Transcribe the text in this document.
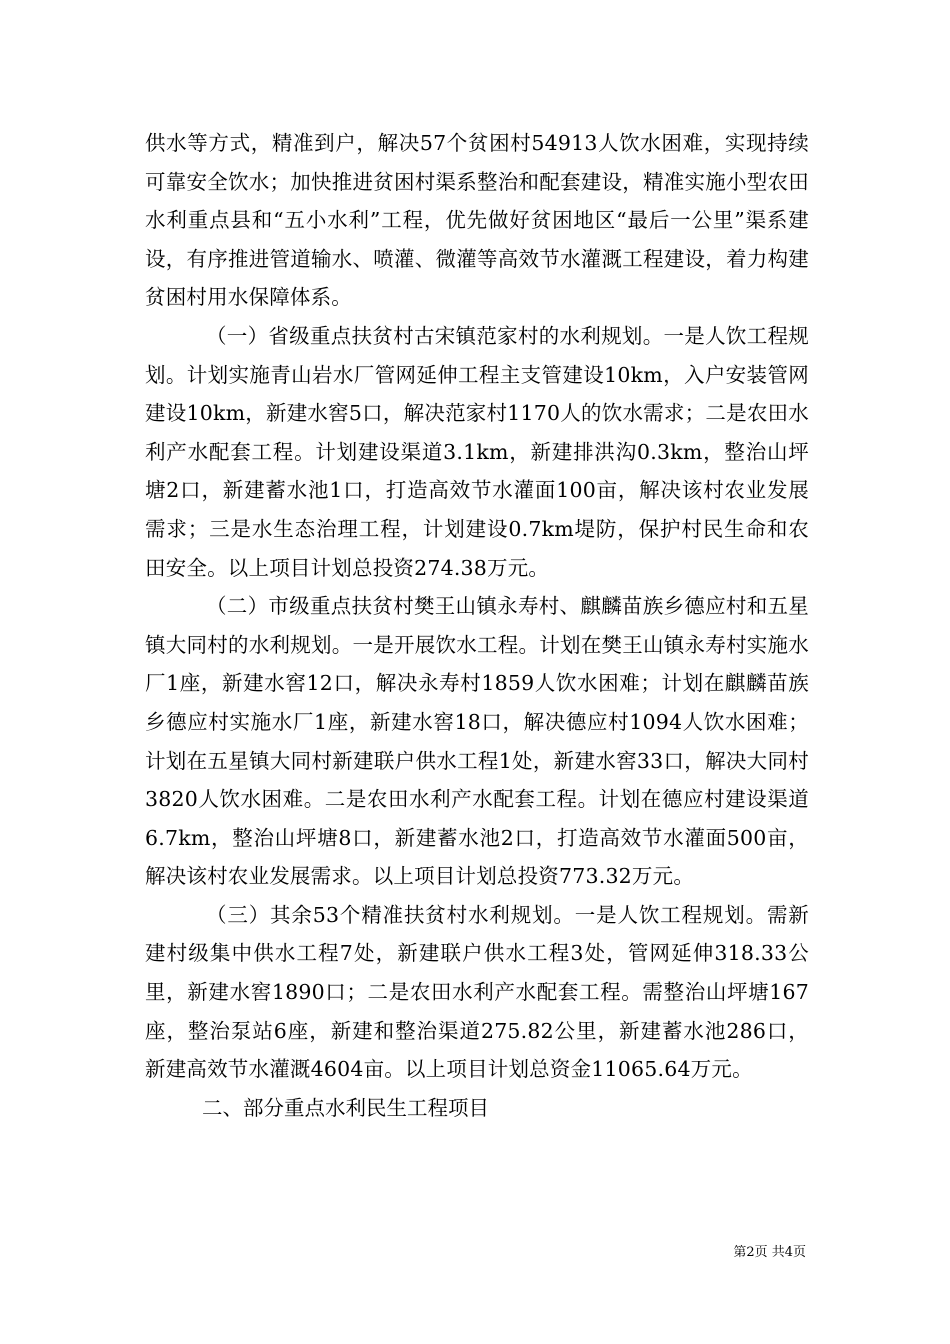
供水等方式，精准到户，解决57个贫困村54913人饮水困难，实现持续可靠安全饮水；加快推进贫困村渠系整治和配套建设，精准实施小型农田水利重点县和“五小水利”工程，优先做好贫困地区“最后一公里”渠系建设，有序推进管道输水、喷灌、微灌等高效节水灌溉工程建设，着力构建贫困村用水保障体系。

（一）省级重点扶贫村古宋镇范家村的水利规划。一是人饮工程规划。计划实施青山岩水厂管网延伸工程主支管建设10km，入户安装管网建设10km，新建水窖5口，解决范家村1170人的饮水需求；二是农田水利产水配套工程。计划建设渠道3.1km，新建排洪沟0.3km，整治山坪塘2口，新建蓄水池1口，打造高效节水灌面100亩，解决该村农业发展需求；三是水生态治理工程，计划建设0.7km堤防，保护村民生命和农田安全。以上项目计划总投资274.38万元。

（二）市级重点扶贫村樊王山镇永寿村、麒麟苗族乡德应村和五星镇大同村的水利规划。一是开展饮水工程。计划在樊王山镇永寿村实施水厂1座，新建水窖12口，解决永寿村1859人饮水困难；计划在麒麟苗族乡德应村实施水厂1座，新建水窖18口，解决德应村1094人饮水困难；计划在五星镇大同村新建联户供水工程1处，新建水窖33口，解决大同村3820人饮水困难。二是农田水利产水配套工程。计划在德应村建设渠道6.7km，整治山坪塘8口，新建蓄水池2口，打造高效节水灌面500亩，解决该村农业发展需求。以上项目计划总投资773.32万元。

（三）其余53个精准扶贫村水利规划。一是人饮工程规划。需新建村级集中供水工程7处，新建联户供水工程3处，管网延伸318.33公里，新建水窖1890口；二是农田水利产水配套工程。需整治山坪塘167座，整治泵站6座，新建和整治渠道275.82公里，新建蓄水池286口，新建高效节水灌溉4604亩。以上项目计划总资金11065.64万元。

二、部分重点水利民生工程项目

第2页 共4页
